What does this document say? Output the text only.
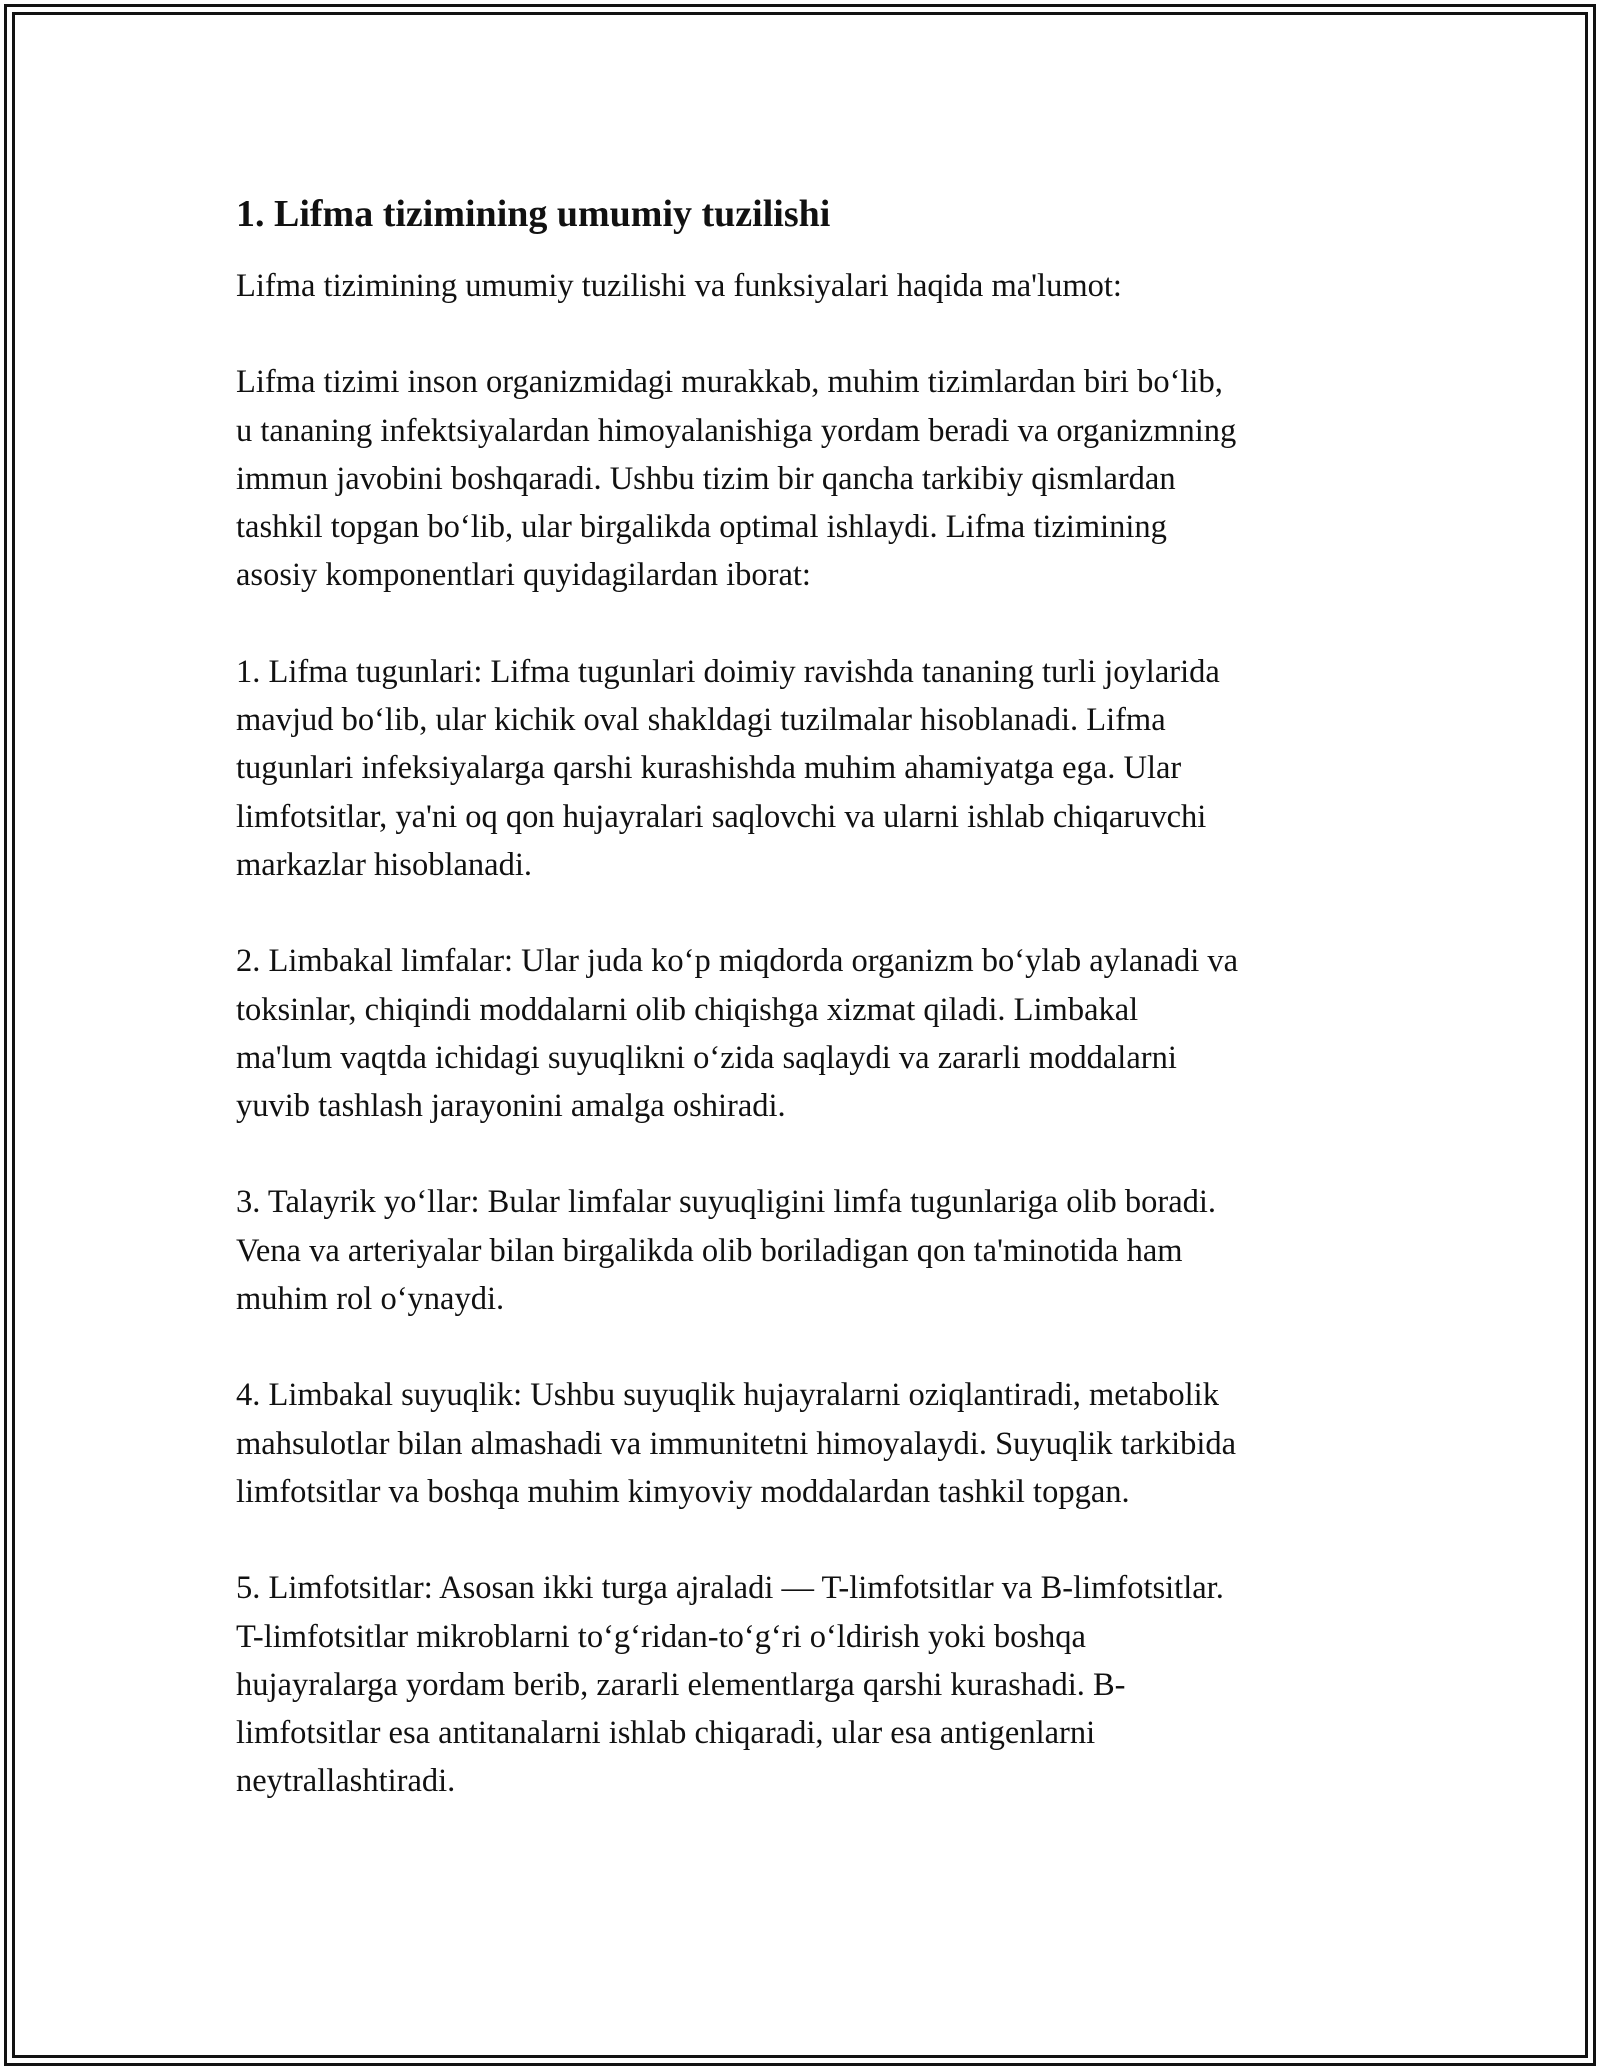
1. Lifma tizimining umumiy tuzilishi

Lifma tizimining umumiy tuzilishi va funksiyalari haqida ma'lumot:

Lifma tizimi inson organizmidagi murakkab, muhim tizimlardan biri boʻlib,
u tananing infektsiyalardan himoyalanishiga yordam beradi va organizmning
immun javobini boshqaradi. Ushbu tizim bir qancha tarkibiy qismlardan
tashkil topgan boʻlib, ular birgalikda optimal ishlaydi. Lifma tizimining
asosiy komponentlari quyidagilardan iborat:

1. Lifma tugunlari: Lifma tugunlari doimiy ravishda tananing turli joylarida
mavjud boʻlib, ular kichik oval shakldagi tuzilmalar hisoblanadi. Lifma
tugunlari infeksiyalarga qarshi kurashishda muhim ahamiyatga ega. Ular
limfotsitlar, ya'ni oq qon hujayralari saqlovchi va ularni ishlab chiqaruvchi
markazlar hisoblanadi.

2. Limbakal limfalar: Ular juda koʻp miqdorda organizm boʻylab aylanadi va
toksinlar, chiqindi moddalarni olib chiqishga xizmat qiladi. Limbakal
ma'lum vaqtda ichidagi suyuqlikni oʻzida saqlaydi va zararli moddalarni
yuvib tashlash jarayonini amalga oshiradi.

3. Talayrik yoʻllar: Bular limfalar suyuqligini limfa tugunlariga olib boradi.
Vena va arteriyalar bilan birgalikda olib boriladigan qon ta'minotida ham
muhim rol oʻynaydi.

4. Limbakal suyuqlik: Ushbu suyuqlik hujayralarni oziqlantiradi, metabolik
mahsulotlar bilan almashadi va immunitetni himoyalaydi. Suyuqlik tarkibida
limfotsitlar va boshqa muhim kimyoviy moddalardan tashkil topgan.

5. Limfotsitlar: Asosan ikki turga ajraladi — T-limfotsitlar va B-limfotsitlar.
T-limfotsitlar mikroblarni toʻgʻridan-toʻgʻri oʻldirish yoki boshqa
hujayralarga yordam berib, zararli elementlarga qarshi kurashadi. B-
limfotsitlar esa antitanalarni ishlab chiqaradi, ular esa antigenlarni
neytrallashtiradi.
